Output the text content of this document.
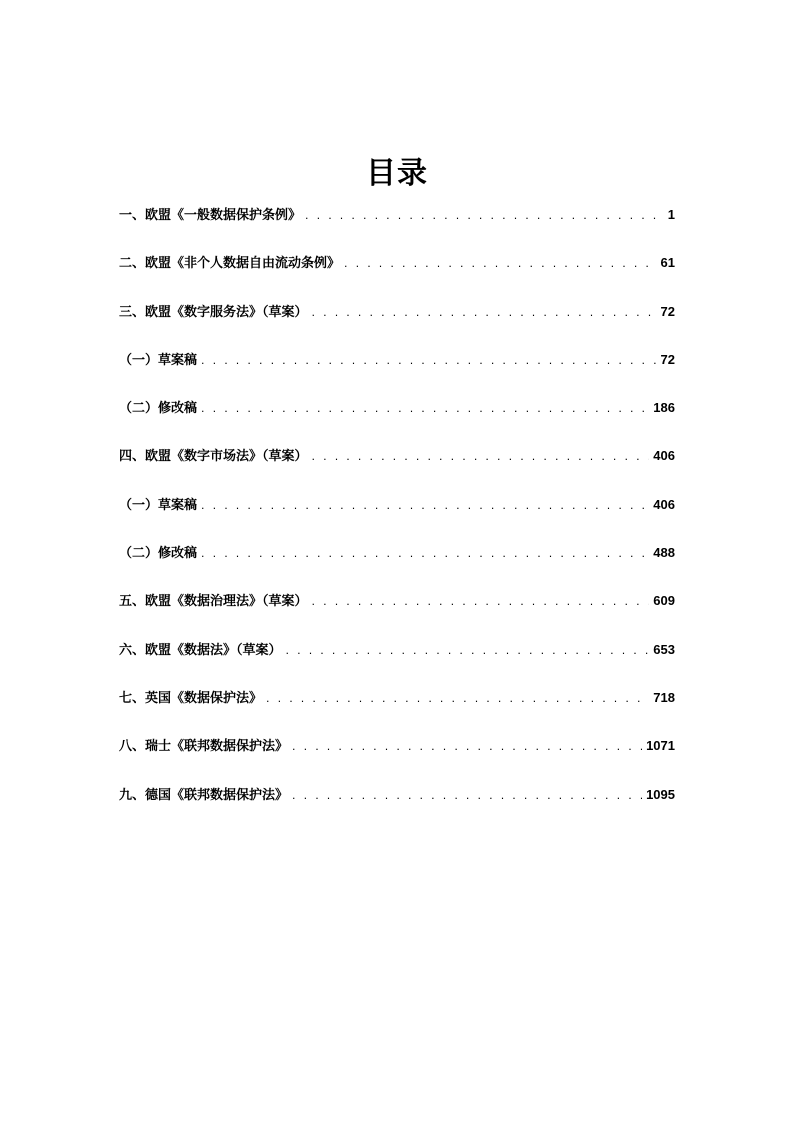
目录
一、欧盟《一般数据保护条例》 . . .	1
二、欧盟《非个人数据自由流动条例》 . . .	61
三、欧盟《数字服务法》（草案） . . .	72
（一）草案稿 . . .	72
（二）修改稿 . . .	186
四、欧盟《数字市场法》（草案） . . .	406
（一）草案稿 . . .	406
（二）修改稿 . . .	488
五、欧盟《数据治理法》（草案） . . .	609
六、欧盟《数据法》（草案） . . .	653
七、英国《数据保护法》 . . .	718
八、瑞士《联邦数据保护法》 . . .	1071
九、德国《联邦数据保护法》 . . .	1095
